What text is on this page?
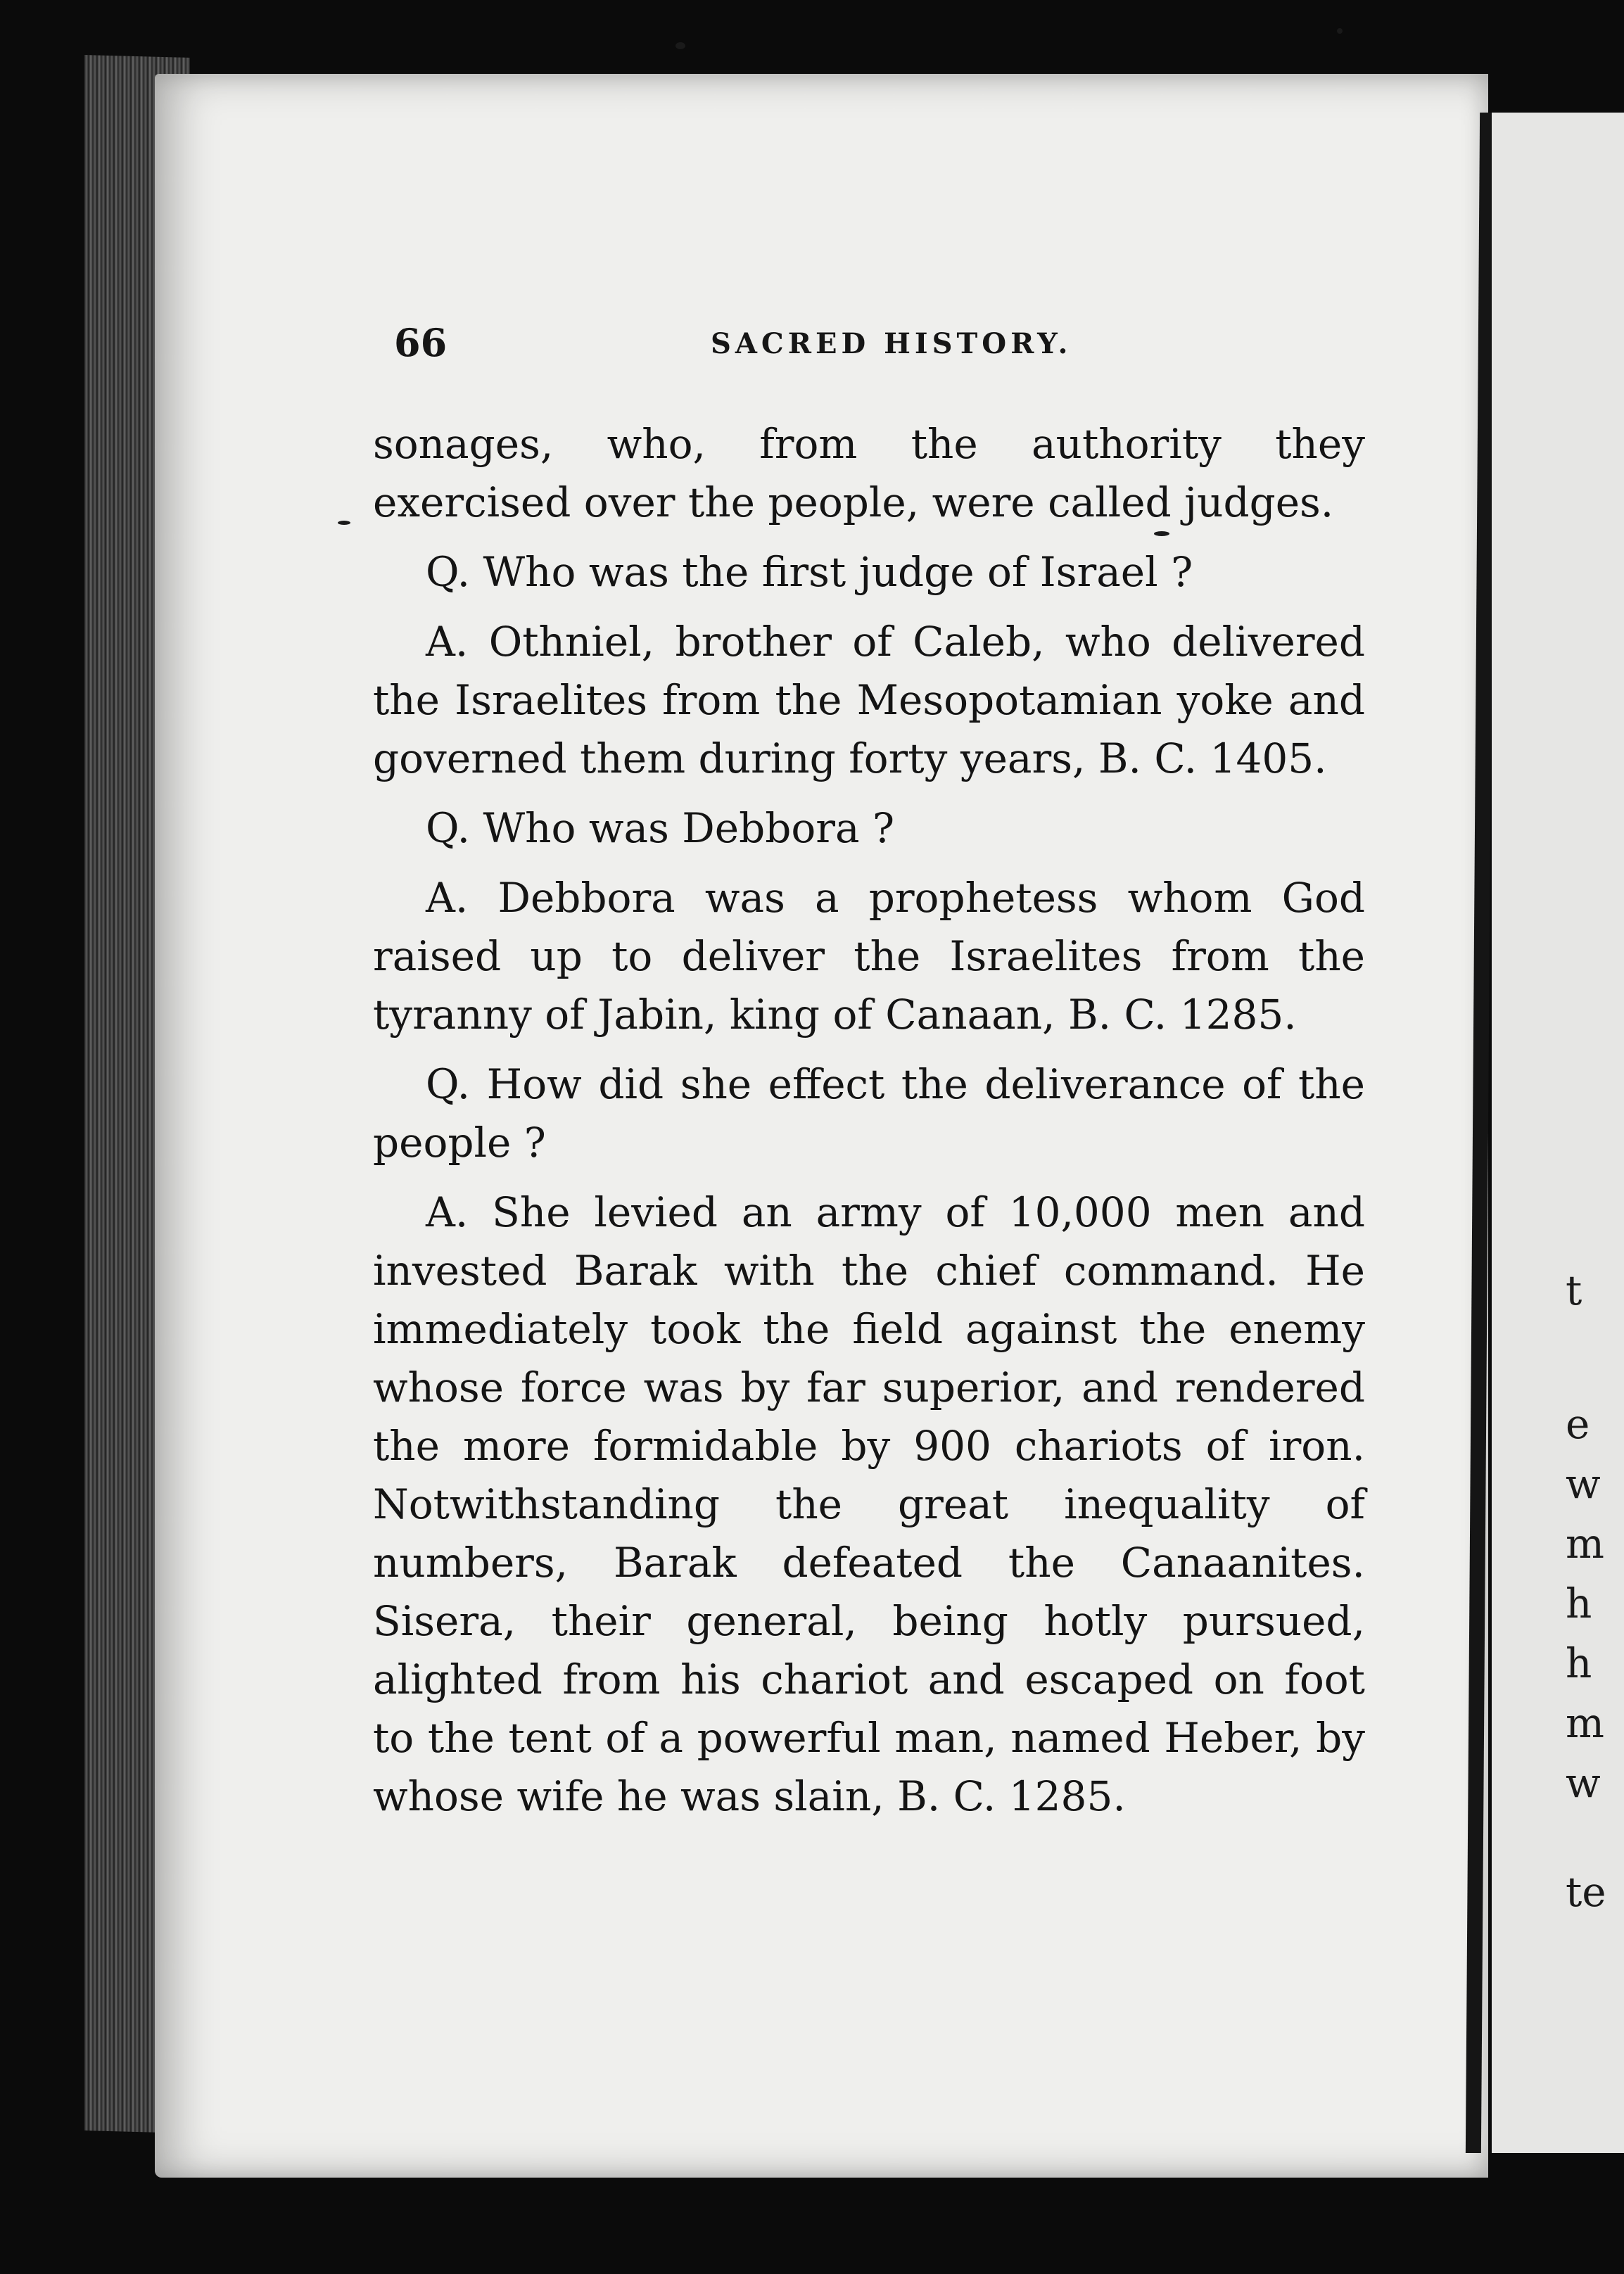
t
e
w
m
h
h
m
w
te
66	SACRED HISTORY.

sonages, who, from the authority they exercised over the people, were called judges.

Q. Who was the first judge of Israel ?

A. Othniel, brother of Caleb, who delivered the Israelites from the Mesopotamian yoke and governed them during forty years, B. C. 1405.

Q. Who was Debbora ?

A. Debbora was a prophetess whom God raised up to deliver the Israelites from the tyranny of Jabin, king of Canaan, B. C. 1285.

Q. How did she effect the deliverance of the people ?

A. She levied an army of 10,000 men and invested Barak with the chief command. He immediately took the field against the enemy whose force was by far superior, and rendered the more formidable by 900 chariots of iron. Notwithstanding the great inequality of numbers, Barak defeated the Canaanites. Sisera, their general, being hotly pursued, alighted from his chariot and escaped on foot to the tent of a powerful man, named Heber, by whose wife he was slain, B. C. 1285.
